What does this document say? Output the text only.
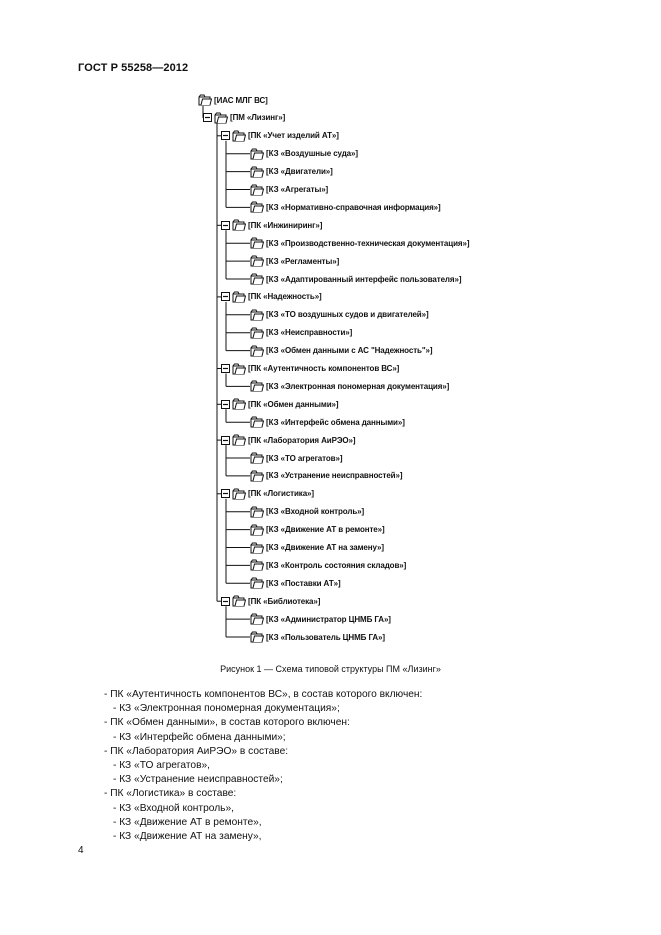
ГОСТ Р 55258—2012
[ИАС МЛГ ВС]
[ПМ «Лизинг»]
[ПК «Учет изделий АТ»]
[КЗ «Воздушные суда»]
[КЗ «Двигатели»]
[КЗ «Агрегаты»]
[КЗ «Нормативно-справочная информация»]
[ПК «Инжиниринг»]
[КЗ «Производственно-техническая документация»]
[КЗ «Регламенты»]
[КЗ «Адаптированный интерфейс пользователя»]
[ПК «Надежность»]
[КЗ «ТО воздушных судов и двигателей»]
[КЗ «Неисправности»]
[КЗ «Обмен данными с АС "Надежность"»]
[ПК «Аутентичность компонентов ВС»]
[КЗ «Электронная пономерная документация»]
[ПК «Обмен данными»]
[КЗ «Интерфейс обмена данными»]
[ПК «Лаборатория АиРЭО»]
[КЗ «ТО агрегатов»]
[КЗ «Устранение неисправностей»]
[ПК «Логистика»]
[КЗ «Входной контроль»]
[КЗ «Движение АТ в ремонте»]
[КЗ «Движение АТ на замену»]
[КЗ «Контроль состояния складов»]
[КЗ «Поставки АТ»]
[ПК «Библиотека»]
[КЗ «Администратор ЦНМБ ГА»]
[КЗ «Пользователь ЦНМБ ГА»]
Рисунок 1 — Схема типовой структуры ПМ «Лизинг»
- ПК «Аутентичность компонентов ВС», в состав которого включен:
- КЗ «Электронная пономерная документация»;
- ПК «Обмен данными», в состав которого включен:
- КЗ «Интерфейс обмена данными»;
- ПК «Лаборатория АиРЭО» в составе:
- КЗ «ТО агрегатов»,
- КЗ «Устранение неисправностей»;
- ПК «Логистика» в составе:
- КЗ «Входной контроль»,
- КЗ «Движение АТ в ремонте»,
- КЗ «Движение АТ на замену»,
4
